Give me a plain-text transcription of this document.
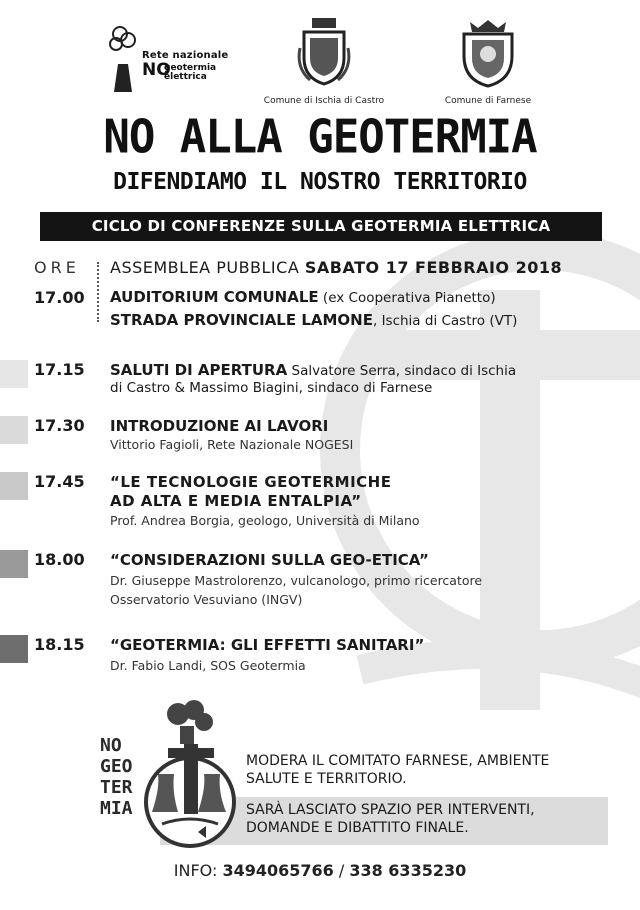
Rete nazionale
NO
geotermia
elettrica
Comune di Ischia di Castro	Comune di Farnese
NO ALLA GEOTERMIA
DIFENDIAMO IL NOSTRO TERRITORIO
CICLO DI CONFERENZE SULLA GEOTERMIA ELETTRICA
ORE
17.00
ASSEMBLEA PUBBLICA SABATO 17 FEBBRAIO 2018
AUDITORIUM COMUNALE (ex Cooperativa Pianetto)
STRADA PROVINCIALE LAMONE, Ischia di Castro (VT)
17.15 SALUTI DI APERTURA Salvatore Serra, sindaco di Ischia
di Castro & Massimo Biagini, sindaco di Farnese
17.30 INTRODUZIONE AI LAVORI
Vittorio Fagioli, Rete Nazionale NOGESI
17.45 “LE TECNOLOGIE GEOTERMICHE
AD ALTA E MEDIA ENTALPIA”
Prof. Andrea Borgia, geologo, Università di Milano
18.00 “CONSIDERAZIONI SULLA GEO-ETICA”
Dr. Giuseppe Mastrolorenzo, vulcanologo, primo ricercatore
Osservatorio Vesuviano (INGV)
18.15 “GEOTERMIA: GLI EFFETTI SANITARI”
Dr. Fabio Landi, SOS Geotermia
NO
GEO
TER
MIA
MODERA IL COMITATO FARNESE, AMBIENTE
SALUTE E TERRITORIO.
SARÀ LASCIATO SPAZIO PER INTERVENTI,
DOMANDE E DIBATTITO FINALE.
INFO: 3494065766 / 338 6335230
